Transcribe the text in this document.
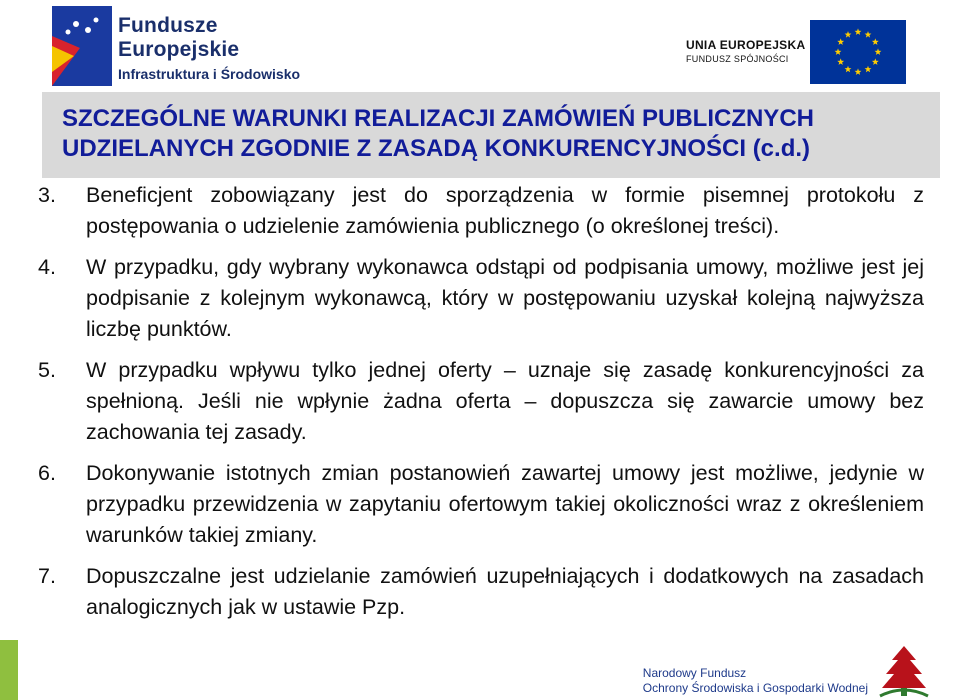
Fundusze
Europejskie
Infrastruktura i Środowisko
UNIA EUROPEJSKA
FUNDUSZ SPÓJNOŚCI
SZCZEGÓLNE WARUNKI REALIZACJI ZAMÓWIEŃ PUBLICZNYCH
UDZIELANYCH ZGODNIE Z ZASADĄ KONKURENCYJNOŚCI (c.d.)
3. Beneficjent zobowiązany jest do sporządzenia w formie pisemnej protokołu z postępowania o udzielenie zamówienia publicznego (o określonej treści).
4. W przypadku, gdy wybrany wykonawca odstąpi od podpisania umowy, możliwe jest jej podpisanie z kolejnym wykonawcą, który w postępowaniu uzyskał kolejną najwyższa liczbę punktów.
5. W przypadku wpływu tylko jednej oferty – uznaje się zasadę konkurencyjności za spełnioną. Jeśli nie wpłynie żadna oferta – dopuszcza się zawarcie umowy bez zachowania tej zasady.
6. Dokonywanie istotnych zmian postanowień zawartej umowy jest możliwe, jedynie w przypadku przewidzenia w zapytaniu ofertowym takiej okoliczności wraz z określeniem warunków takiej zmiany.
7. Dopuszczalne jest udzielanie zamówień uzupełniających i dodatkowych na zasadach analogicznych jak w ustawie Pzp.
Narodowy Fundusz
Ochrony Środowiska i Gospodarki Wodnej
